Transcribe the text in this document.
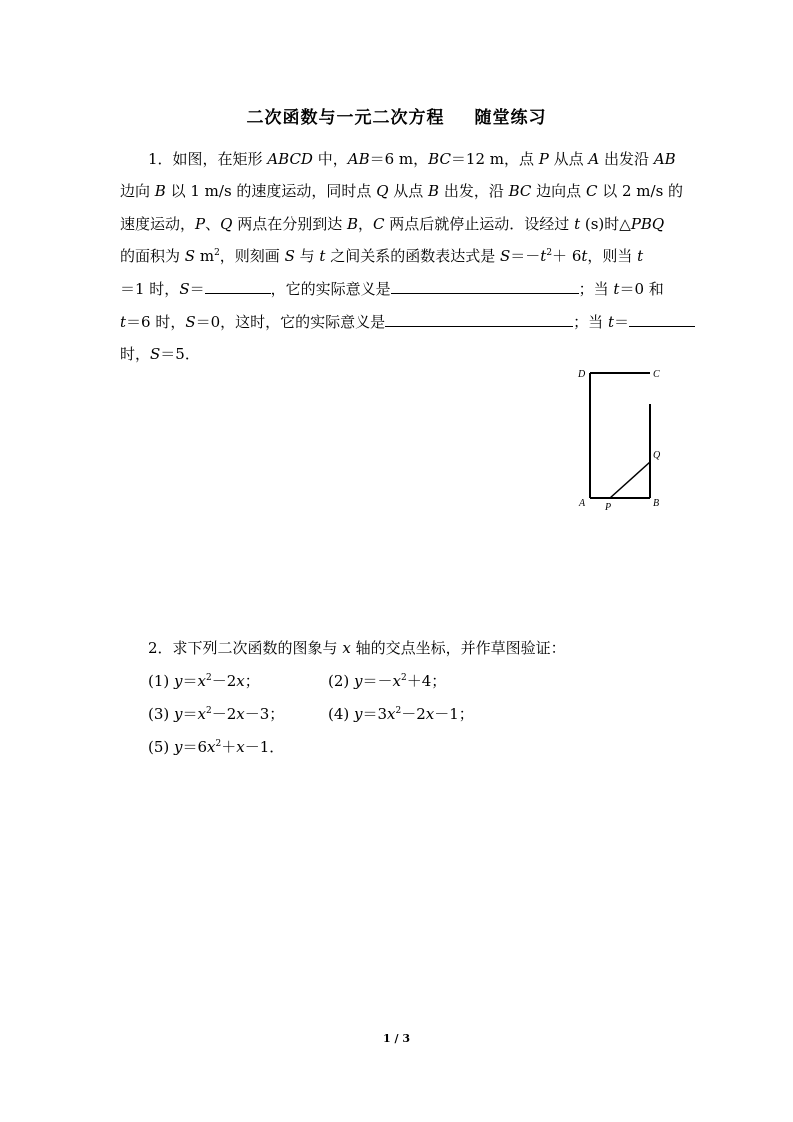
二次函数与一元二次方程 随堂练习
1．如图，在矩形 ABCD 中，AB＝6 m，BC＝12 m，点 P 从点 A 出发沿 AB
边向 B 以 1 m/s 的速度运动，同时点 Q 从点 B 出发，沿 BC 边向点 C 以 2 m/s 的
速度运动，P、Q 两点在分别到达 B，C 两点后就停止运动．设经过 t (s)时△PBQ
的面积为 S $m^2$，则刻画 S 与 t 之间关系的函数表达式是 $S=-t^2+ 6t$，则当 t
＝1 时，S＝	，它的实际意义是	；当 t＝0 和
t＝6 时，S＝0，这时，它的实际意义是	；当 t＝
时，S＝5．
D	C
Q
A P	B
2．求下列二次函数的图象与 x 轴的交点坐标，并作草图验证：
(1) $y=x^2-2x$；	(2) $y=-x^2+4$；
(3) $y=x^2-2x-3$；	(4) $y=3x^2-2x-1$；
(5) $y=6x^2+x-1$．
1 / 3
